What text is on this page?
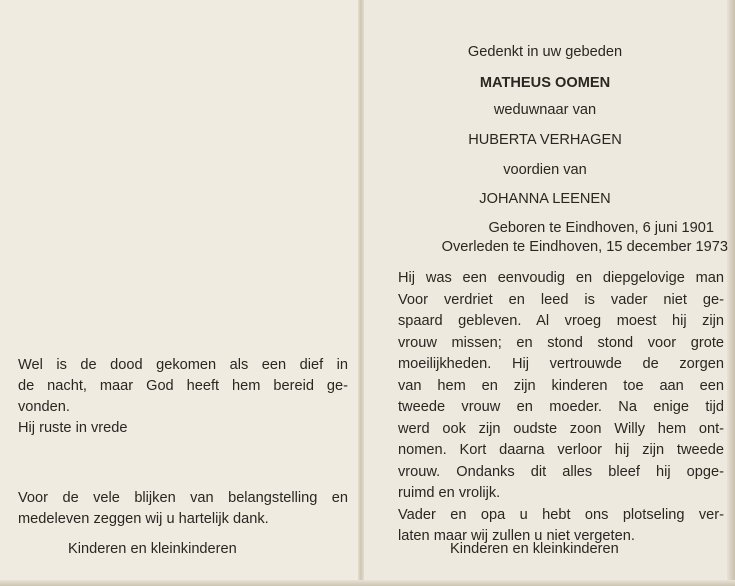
Wel is de dood gekomen als een dief in

de nacht, maar God heeft hem bereid ge-

vonden.

Hij ruste in vrede

Voor de vele blijken van belangstelling en

medeleven zeggen wij u hartelijk dank.

Kinderen en kleinkinderen
Gedenkt in uw gebeden
MATHEUS OOMEN
weduwnaar van
HUBERTA VERHAGEN
voordien van
JOHANNA LEENEN
Geboren te Eindhoven, 6 juni 1901
Overleden te Eindhoven, 15 december 1973
Hij was een eenvoudig en diepgelovige man
Voor verdriet en leed is vader niet ge-
spaard gebleven. Al vroeg moest hij zijn
vrouw missen; en stond stond voor grote
moeilijkheden. Hij vertrouwde de zorgen
van hem en zijn kinderen toe aan een
tweede vrouw en moeder. Na enige tijd
werd ook zijn oudste zoon Willy hem ont-
nomen. Kort daarna verloor hij zijn tweede
vrouw. Ondanks dit alles bleef hij opge-
ruimd en vrolijk.
Vader en opa u hebt ons plotseling ver-
laten maar wij zullen u niet vergeten.
Kinderen en kleinkinderen
